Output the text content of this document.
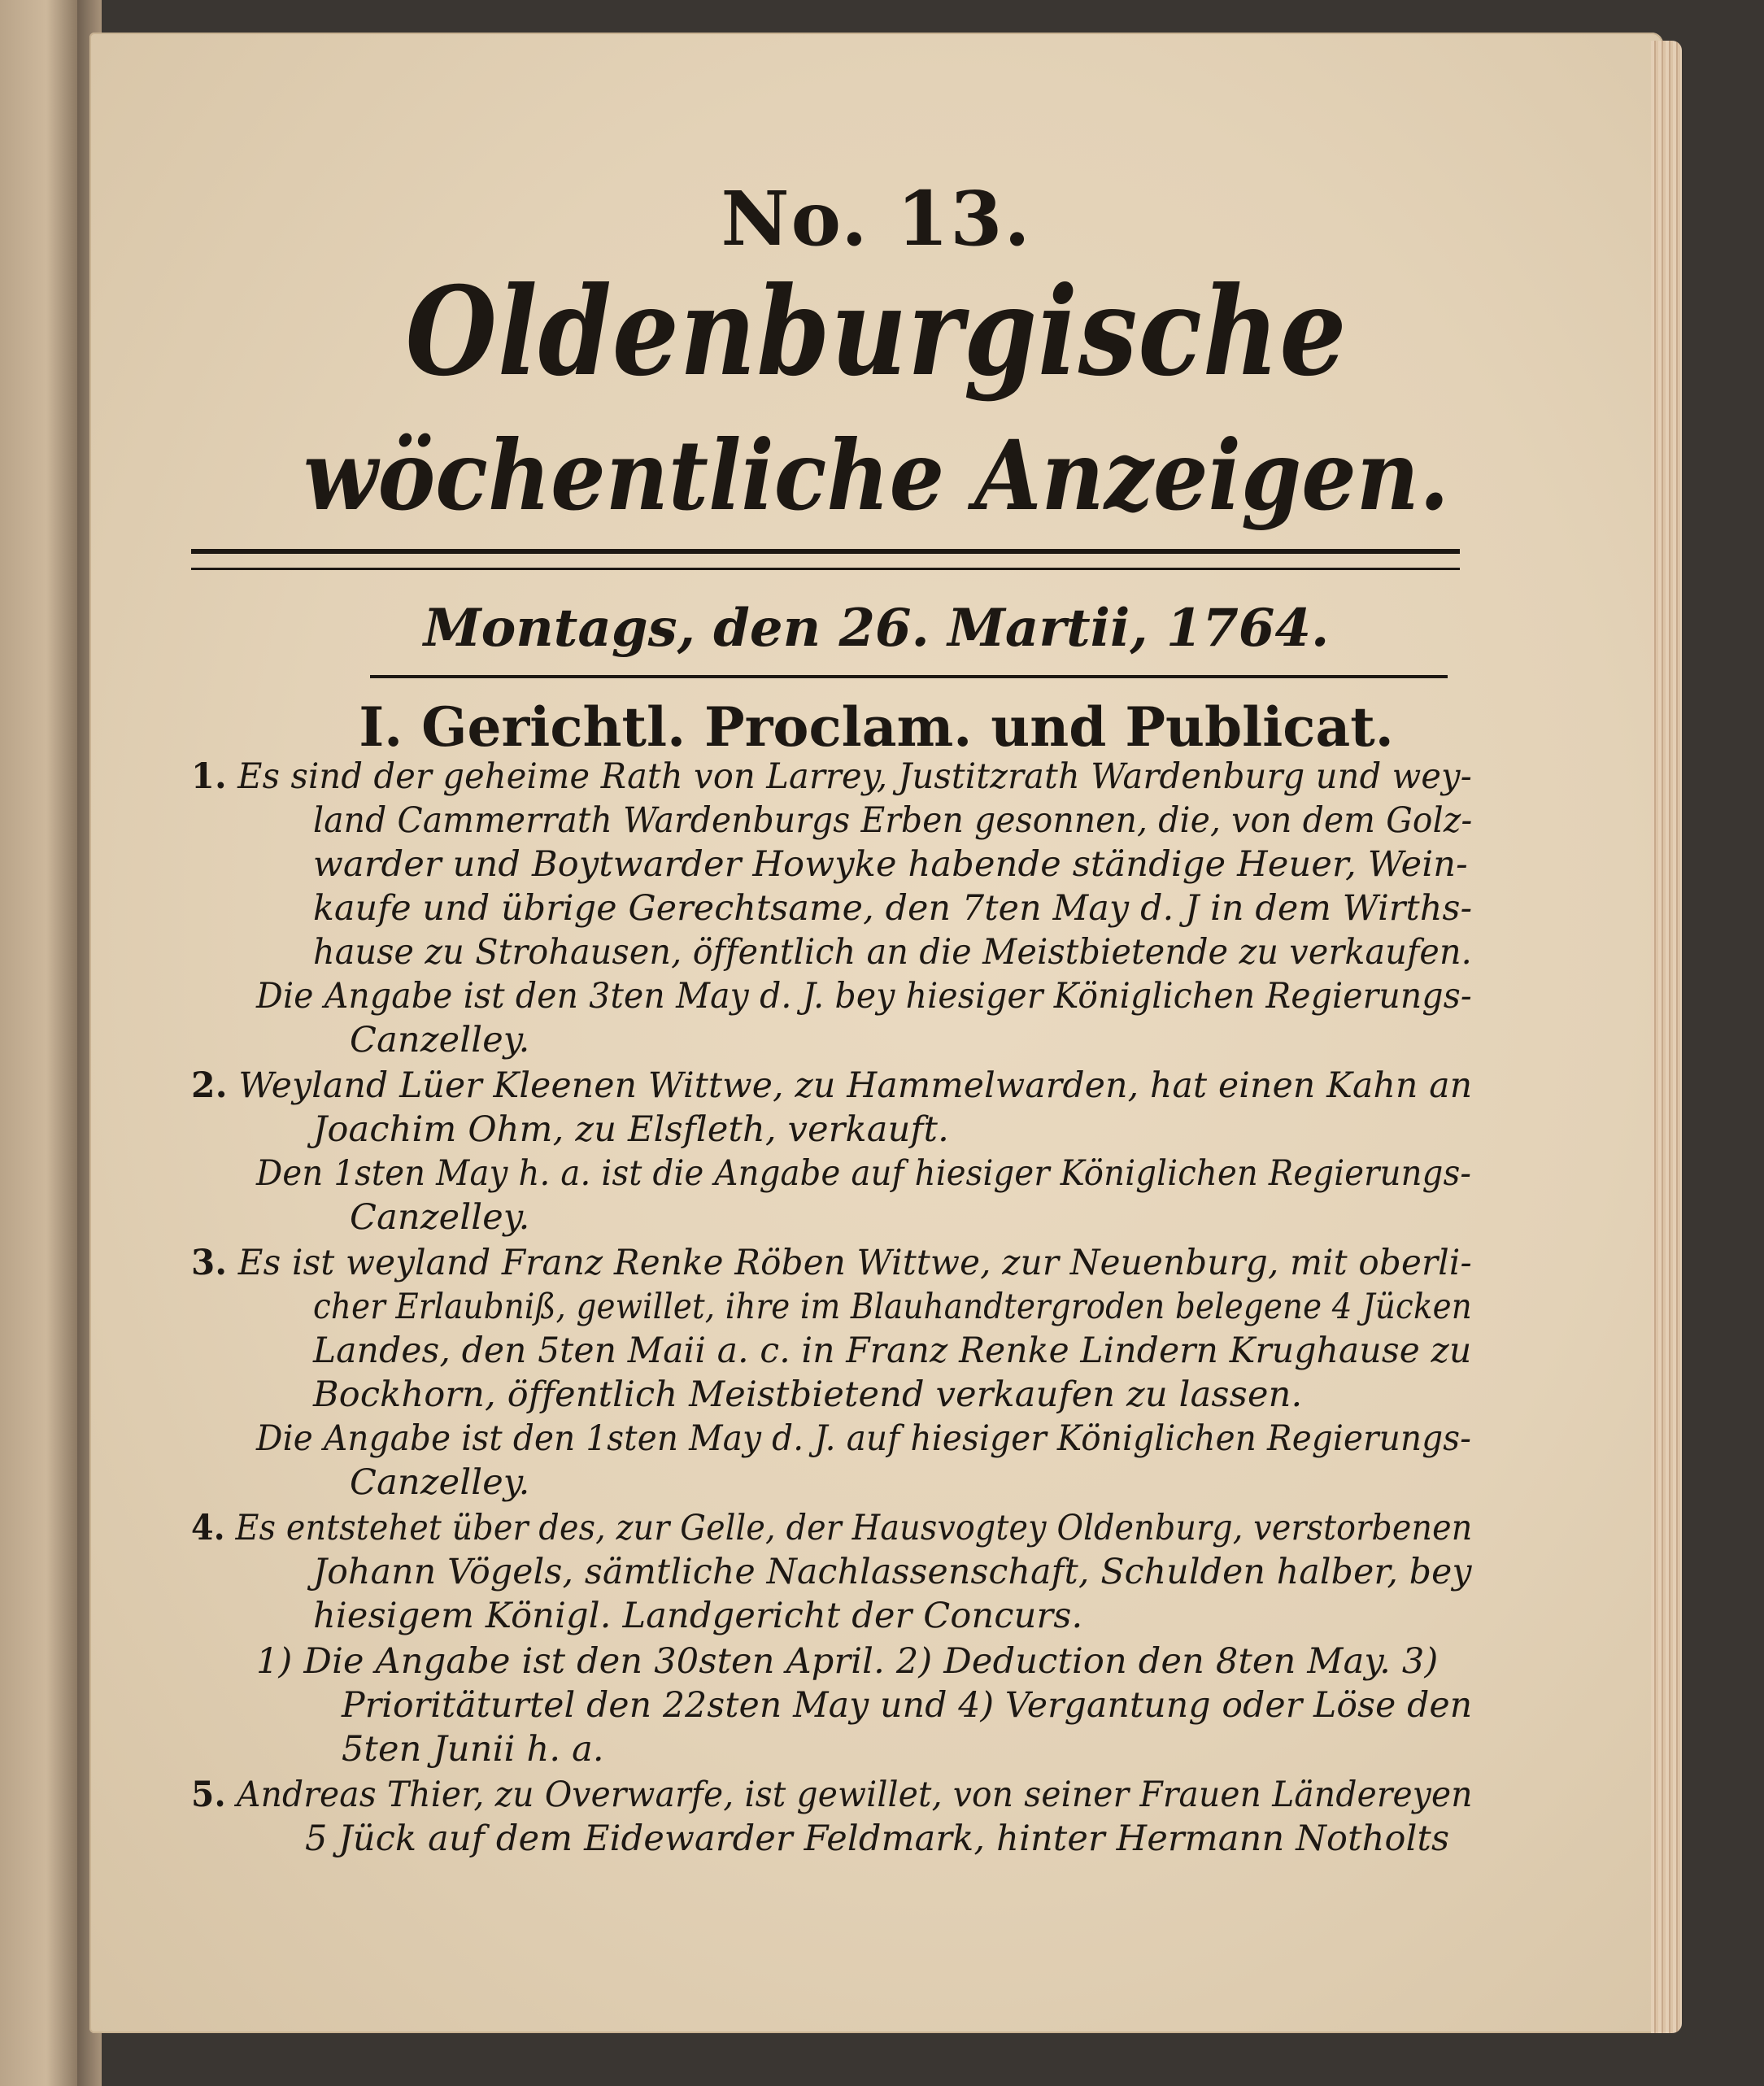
No. 13.
Oldenburgische
wöchentliche Anzeigen.
Montags, den 26. Martii, 1764.
I. Gerichtl. Proclam. und Publicat.
1. Es sind der geheime Rath von Larrey, Justitzrath Wardenburg und wey-
land Cammerrath Wardenburgs Erben gesonnen, die, von dem Golz-
warder und Boytwarder Howyke habende ständige Heuer, Wein-
kaufe und übrige Gerechtsame, den 7ten May d. J in dem Wirths-
hause zu Strohausen, öffentlich an die Meistbietende zu verkaufen.
Die Angabe ist den 3ten May d. J. bey hiesiger Königlichen Regierungs-
Canzelley.
2. Weyland Lüer Kleenen Wittwe, zu Hammelwarden, hat einen Kahn an
Joachim Ohm, zu Elsfleth, verkauft.
Den 1sten May h. a. ist die Angabe auf hiesiger Königlichen Regierungs-
Canzelley.
3. Es ist weyland Franz Renke Röben Wittwe, zur Neuenburg, mit oberli-
cher Erlaubniß, gewillet, ihre im Blauhandtergroden belegene 4 Jücken
Landes, den 5ten Maii a. c. in Franz Renke Lindern Krughause zu
Bockhorn, öffentlich Meistbietend verkaufen zu lassen.
Die Angabe ist den 1sten May d. J. auf hiesiger Königlichen Regierungs-
Canzelley.
4. Es entstehet über des, zur Gelle, der Hausvogtey Oldenburg, verstorbenen
Johann Vögels, sämtliche Nachlassenschaft, Schulden halber, bey
hiesigem Königl. Landgericht der Concurs.
1) Die Angabe ist den 30sten April. 2) Deduction den 8ten May. 3)
Prioritäturtel den 22sten May und 4) Vergantung oder Löse den
5ten Junii h. a.
5. Andreas Thier, zu Overwarfe, ist gewillet, von seiner Frauen Ländereyen
5 Jück auf dem Eidewarder Feldmark, hinter Hermann Notholts
